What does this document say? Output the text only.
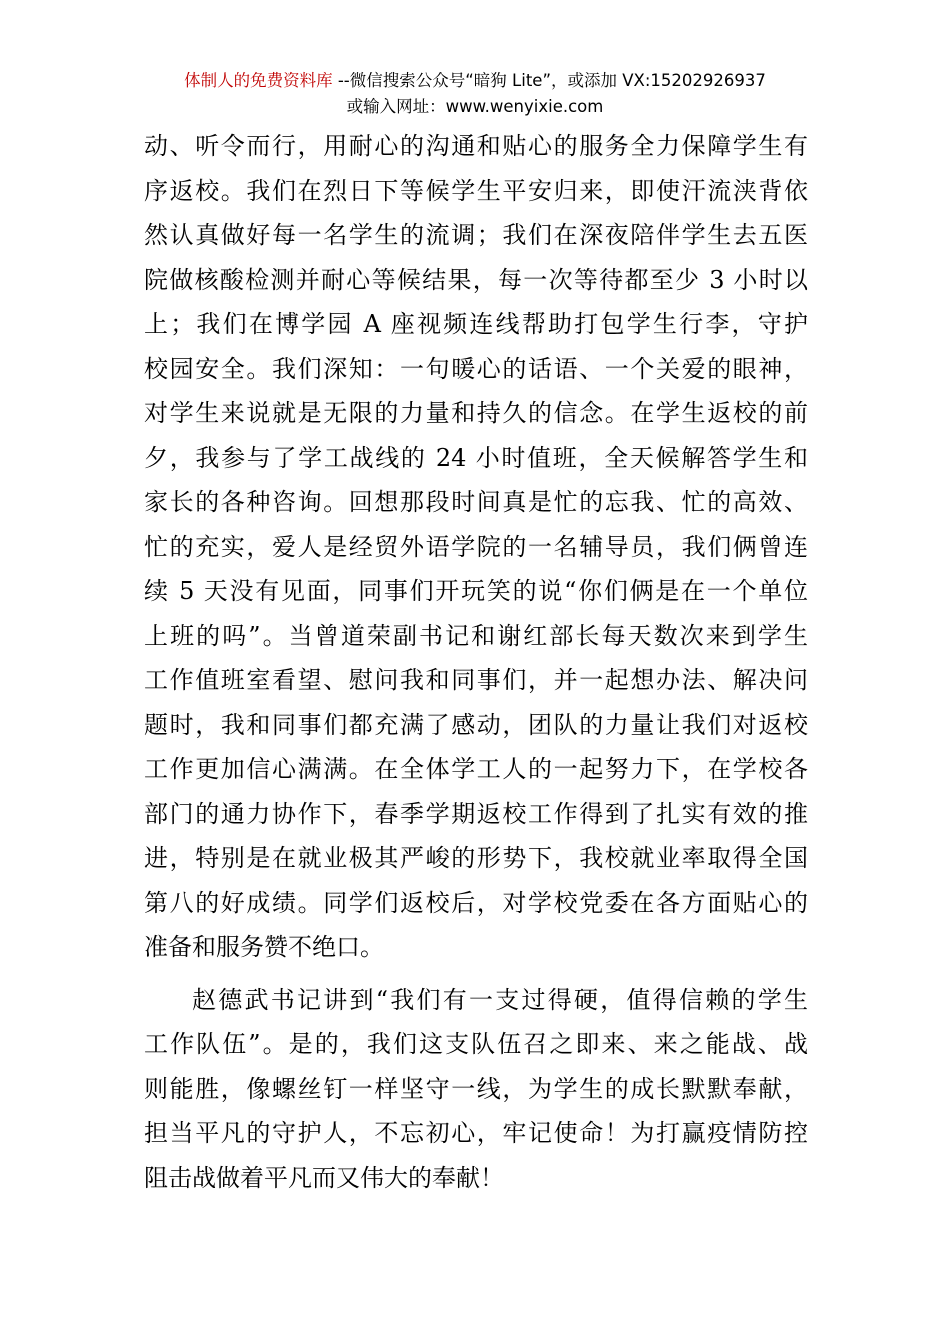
体制人的免费资料库 --微信搜索公众号“暗狗 Lite”，或添加 VX:15202926937
或输入网址：www.wenyixie.com
动、听令而行，用耐心的沟通和贴心的服务全力保障学生有
序返校。我们在烈日下等候学生平安归来，即使汗流浃背依
然认真做好每一名学生的流调；我们在深夜陪伴学生去五医
院做核酸检测并耐心等候结果，每一次等待都至少 3 小时以
上；我们在博学园 A 座视频连线帮助打包学生行李，守护
校园安全。我们深知：一句暖心的话语、一个关爱的眼神，
对学生来说就是无限的力量和持久的信念。在学生返校的前
夕，我参与了学工战线的 24 小时值班，全天候解答学生和
家长的各种咨询。回想那段时间真是忙的忘我、忙的高效、
忙的充实，爱人是经贸外语学院的一名辅导员，我们俩曾连
续 5 天没有见面，同事们开玩笑的说“你们俩是在一个单位
上班的吗”。当曾道荣副书记和谢红部长每天数次来到学生
工作值班室看望、慰问我和同事们，并一起想办法、解决问
题时，我和同事们都充满了感动，团队的力量让我们对返校
工作更加信心满满。在全体学工人的一起努力下，在学校各
部门的通力协作下，春季学期返校工作得到了扎实有效的推
进，特别是在就业极其严峻的形势下，我校就业率取得全国
第八的好成绩。同学们返校后，对学校党委在各方面贴心的
准备和服务赞不绝口。
赵德武书记讲到“我们有一支过得硬，值得信赖的学生
工作队伍”。是的，我们这支队伍召之即来、来之能战、战
则能胜，像螺丝钉一样坚守一线，为学生的成长默默奉献，
担当平凡的守护人，不忘初心，牢记使命！为打赢疫情防控
阻击战做着平凡而又伟大的奉献！
